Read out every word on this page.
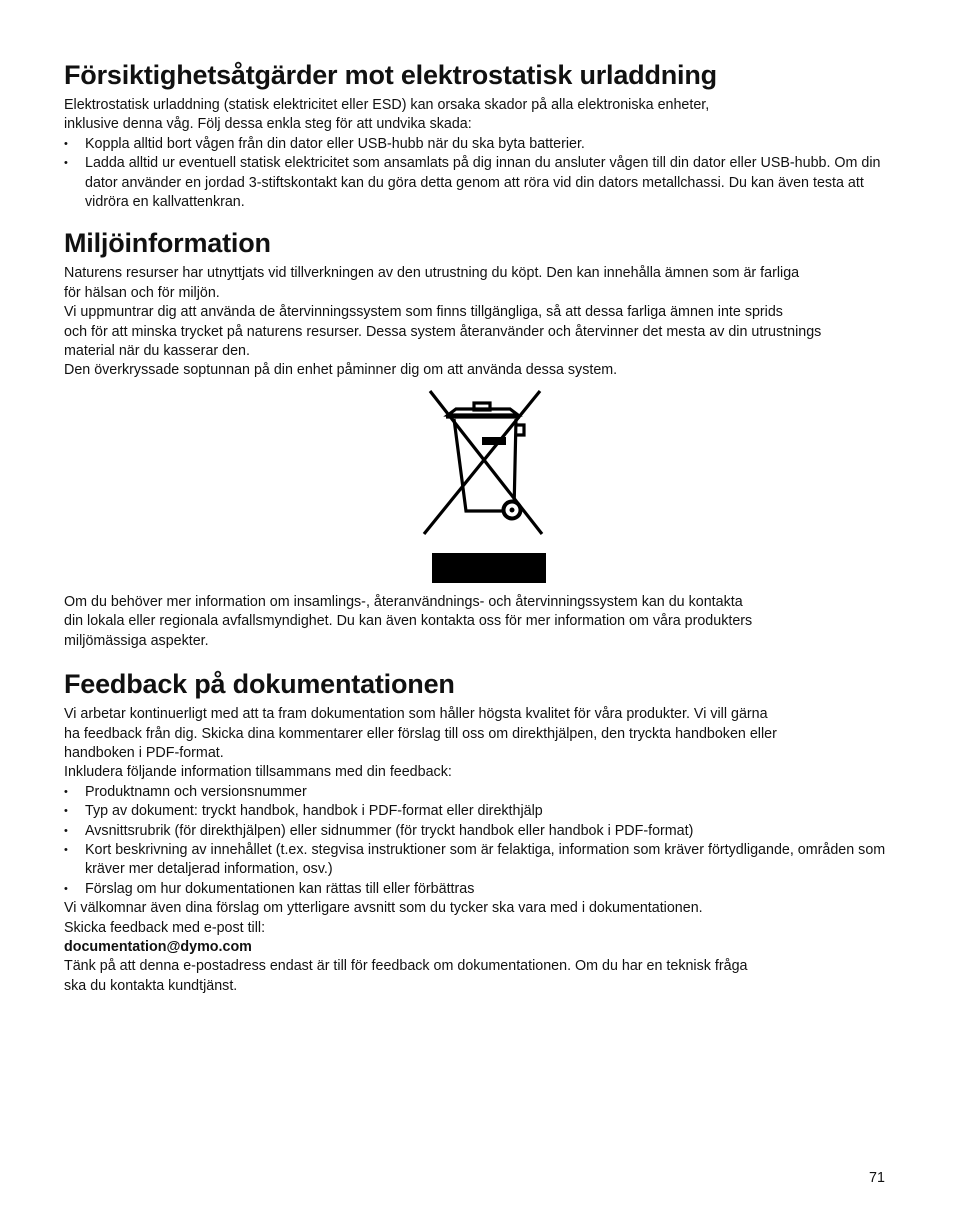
Försiktighetsåtgärder mot elektrostatisk urladdning

Elektrostatisk urladdning (statisk elektricitet eller ESD) kan orsaka skador på alla elektroniska enheter,

inklusive denna våg. Följ dessa enkla steg för att undvika skada:

• Koppla alltid bort vågen från din dator eller USB-hubb när du ska byta batterier.
• Ladda alltid ur eventuell statisk elektricitet som ansamlats på dig innan du ansluter vågen till din dator eller USB-hubb. Om din dator använder en jordad 3-stiftskontakt kan du göra detta genom att röra vid din dators metallchassi. Du kan även testa att vidröra en kallvattenkran.
Miljöinformation

Naturens resurser har utnyttjats vid tillverkningen av den utrustning du köpt. Den kan innehålla ämnen som är farliga

för hälsan och för miljön.

Vi uppmuntrar dig att använda de återvinningssystem som finns tillgängliga, så att dessa farliga ämnen inte sprids

och för att minska trycket på naturens resurser. Dessa system återanvänder och återvinner det mesta av din utrustnings

material när du kasserar den.

Den överkryssade soptunnan på din enhet påminner dig om att använda dessa system.

Om du behöver mer information om insamlings-, återanvändnings- och återvinningssystem kan du kontakta

din lokala eller regionala avfallsmyndighet. Du kan även kontakta oss för mer information om våra produkters

miljömässiga aspekter.

Feedback på dokumentationen

Vi arbetar kontinuerligt med att ta fram dokumentation som håller högsta kvalitet för våra produkter. Vi vill gärna

ha feedback från dig. Skicka dina kommentarer eller förslag till oss om direkthjälpen, den tryckta handboken eller

handboken i PDF-format.

Inkludera följande information tillsammans med din feedback:

• Produktnamn och versionsnummer
• Typ av dokument: tryckt handbok, handbok i PDF-format eller direkthjälp
• Avsnittsrubrik (för direkthjälpen) eller sidnummer (för tryckt handbok eller handbok i PDF-format)
• Kort beskrivning av innehållet (t.ex. stegvisa instruktioner som är felaktiga, information som kräver förtydligande, områden som kräver mer detaljerad information, osv.)
• Förslag om hur dokumentationen kan rättas till eller förbättras

Vi välkomnar även dina förslag om ytterligare avsnitt som du tycker ska vara med i dokumentationen.

Skicka feedback med e-post till:

documentation@dymo.com

Tänk på att denna e-postadress endast är till för feedback om dokumentationen. Om du har en teknisk fråga

ska du kontakta kundtjänst.

71
